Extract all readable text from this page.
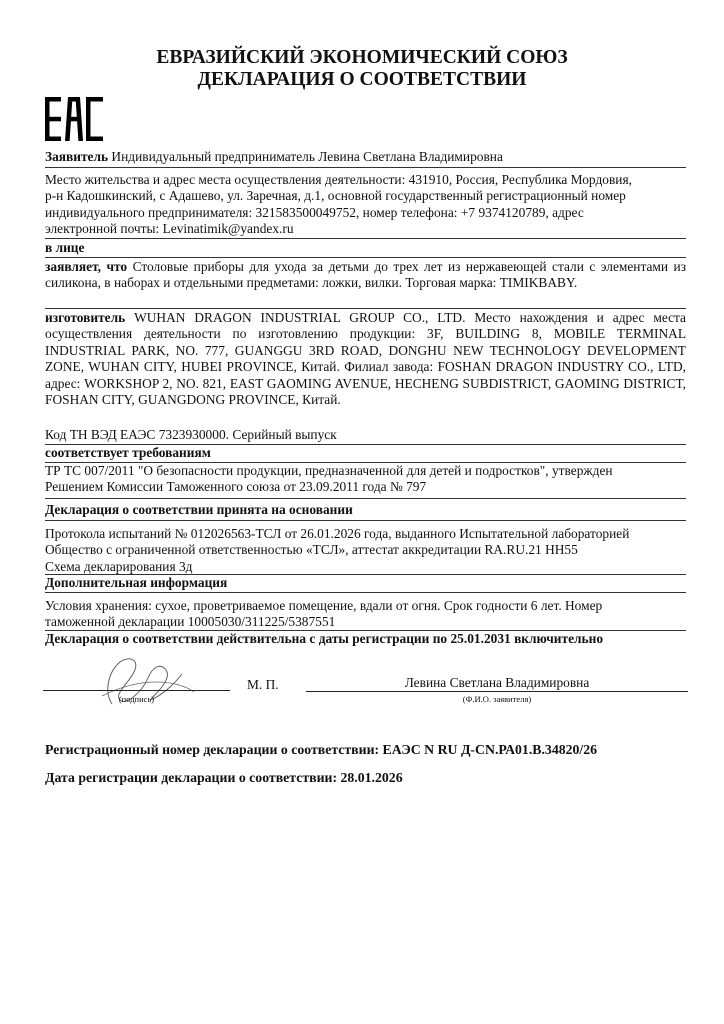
ЕВРАЗИЙСКИЙ ЭКОНОМИЧЕСКИЙ СОЮЗ
ДЕКЛАРАЦИЯ О СООТВЕТСТВИИ
Заявитель Индивидуальный предприниматель Левина Светлана Владимировна
Место жительства и адрес места осуществления деятельности: 431910, Россия, Республика Мордовия,
р-н Кадошкинский, с Адашево, ул. Заречная, д.1, основной государственный регистрационный номер
индивидуального предпринимателя: 321583500049752, номер телефона: +7 9374120789, адрес
электронной почты: Levinatimik@yandex.ru
в лице
заявляет, что Столовые приборы для ухода за детьми до трех лет из нержавеющей стали с элементами из силикона, в наборах и отдельными предметами: ложки, вилки. Торговая марка: TIMIKBABY.
изготовитель WUHAN DRAGON INDUSTRIAL GROUP CO., LTD. Место нахождения и адрес места осуществления деятельности по изготовлению продукции: 3F, BUILDING 8, MOBILE TERMINAL INDUSTRIAL PARK, NO. 777, GUANGGU 3RD ROAD, DONGHU NEW TECHNOLOGY DEVELOPMENT ZONE, WUHAN CITY, HUBEI PROVINCE, Китай. Филиал завода: FOSHAN DRAGON INDUSTRY CO., LTD, адрес: WORKSHOP 2, NO. 821, EAST GAOMING AVENUE, HECHENG SUBDISTRICT, GAOMING DISTRICT, FOSHAN CITY, GUANGDONG PROVINCE, Китай.
Код ТН ВЭД ЕАЭС 7323930000. Серийный выпуск
соответствует требованиям
ТР ТС 007/2011 "О безопасности продукции, предназначенной для детей и подростков", утвержден
Решением Комиссии Таможенного союза от 23.09.2011 года № 797
Декларация о соответствии принята на основании
Протокола испытаний № 012026563-ТСЛ от 26.01.2026 года, выданного Испытательной лабораторией
Общество с ограниченной ответственностью «ТСЛ», аттестат аккредитации RA.RU.21 НН55
Схема декларирования 3д
Дополнительная информация
Условия хранения: сухое, проветриваемое помещение, вдали от огня. Срок годности 6 лет. Номер
таможенной декларации 10005030/311225/5387551
Декларация о соответствии действительна с даты регистрации по 25.01.2031 включительно
(подпись)
М. П.	Левина Светлана Владимировна
(Ф.И.О. заявителя)
Регистрационный номер декларации о соответствии: ЕАЭС N RU Д-CN.РА01.В.34820/26
Дата регистрации декларации о соответствии: 28.01.2026
